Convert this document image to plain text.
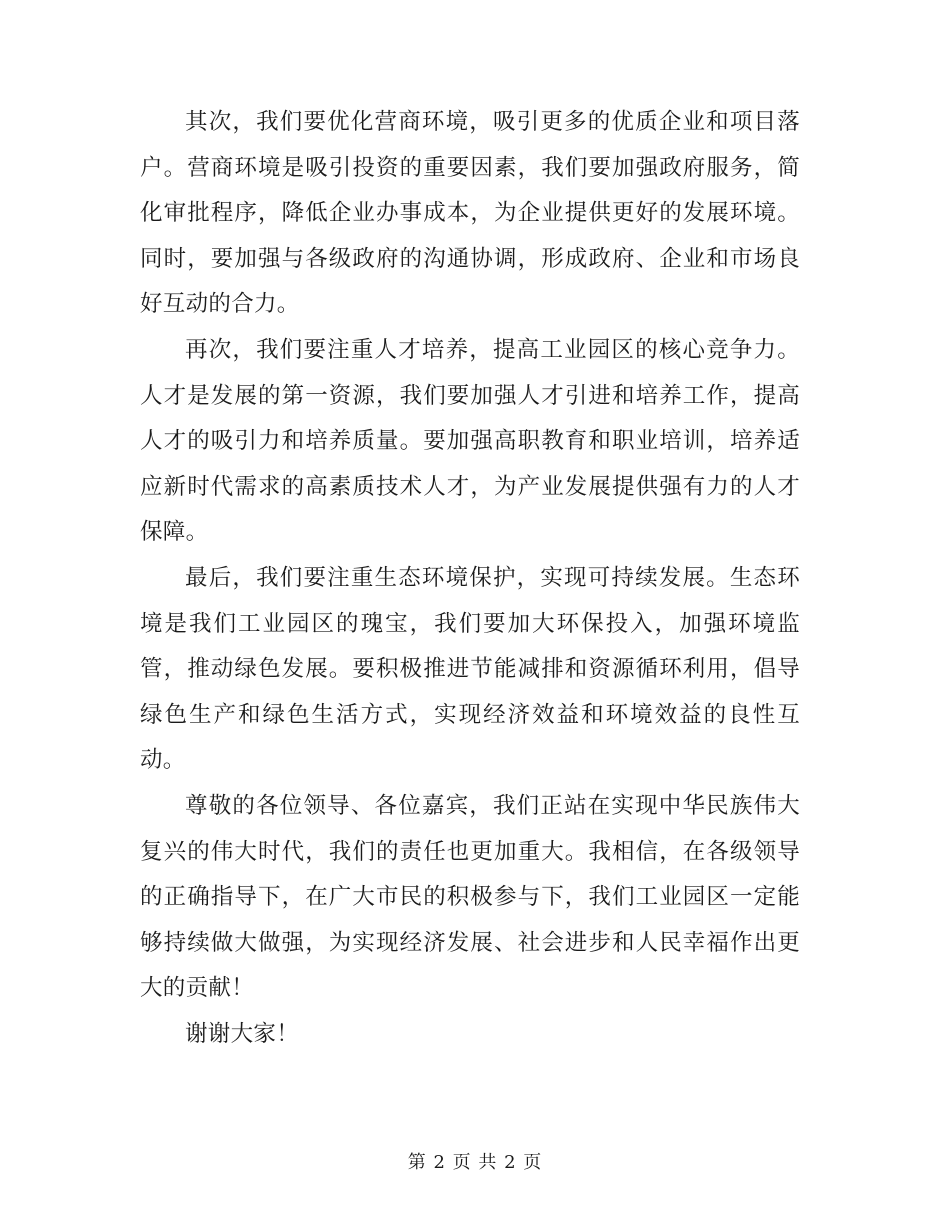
其次，我们要优化营商环境，吸引更多的优质企业和项目落户。营商环境是吸引投资的重要因素，我们要加强政府服务，简化审批程序，降低企业办事成本，为企业提供更好的发展环境。同时，要加强与各级政府的沟通协调，形成政府、企业和市场良好互动的合力。

再次，我们要注重人才培养，提高工业园区的核心竞争力。人才是发展的第一资源，我们要加强人才引进和培养工作，提高人才的吸引力和培养质量。要加强高职教育和职业培训，培养适应新时代需求的高素质技术人才，为产业发展提供强有力的人才保障。

最后，我们要注重生态环境保护，实现可持续发展。生态环境是我们工业园区的瑰宝，我们要加大环保投入，加强环境监管，推动绿色发展。要积极推进节能减排和资源循环利用，倡导绿色生产和绿色生活方式，实现经济效益和环境效益的良性互动。

尊敬的各位领导、各位嘉宾，我们正站在实现中华民族伟大复兴的伟大时代，我们的责任也更加重大。我相信，在各级领导的正确指导下，在广大市民的积极参与下，我们工业园区一定能够持续做大做强，为实现经济发展、社会进步和人民幸福作出更大的贡献！

谢谢大家！

第 2 页 共 2 页
